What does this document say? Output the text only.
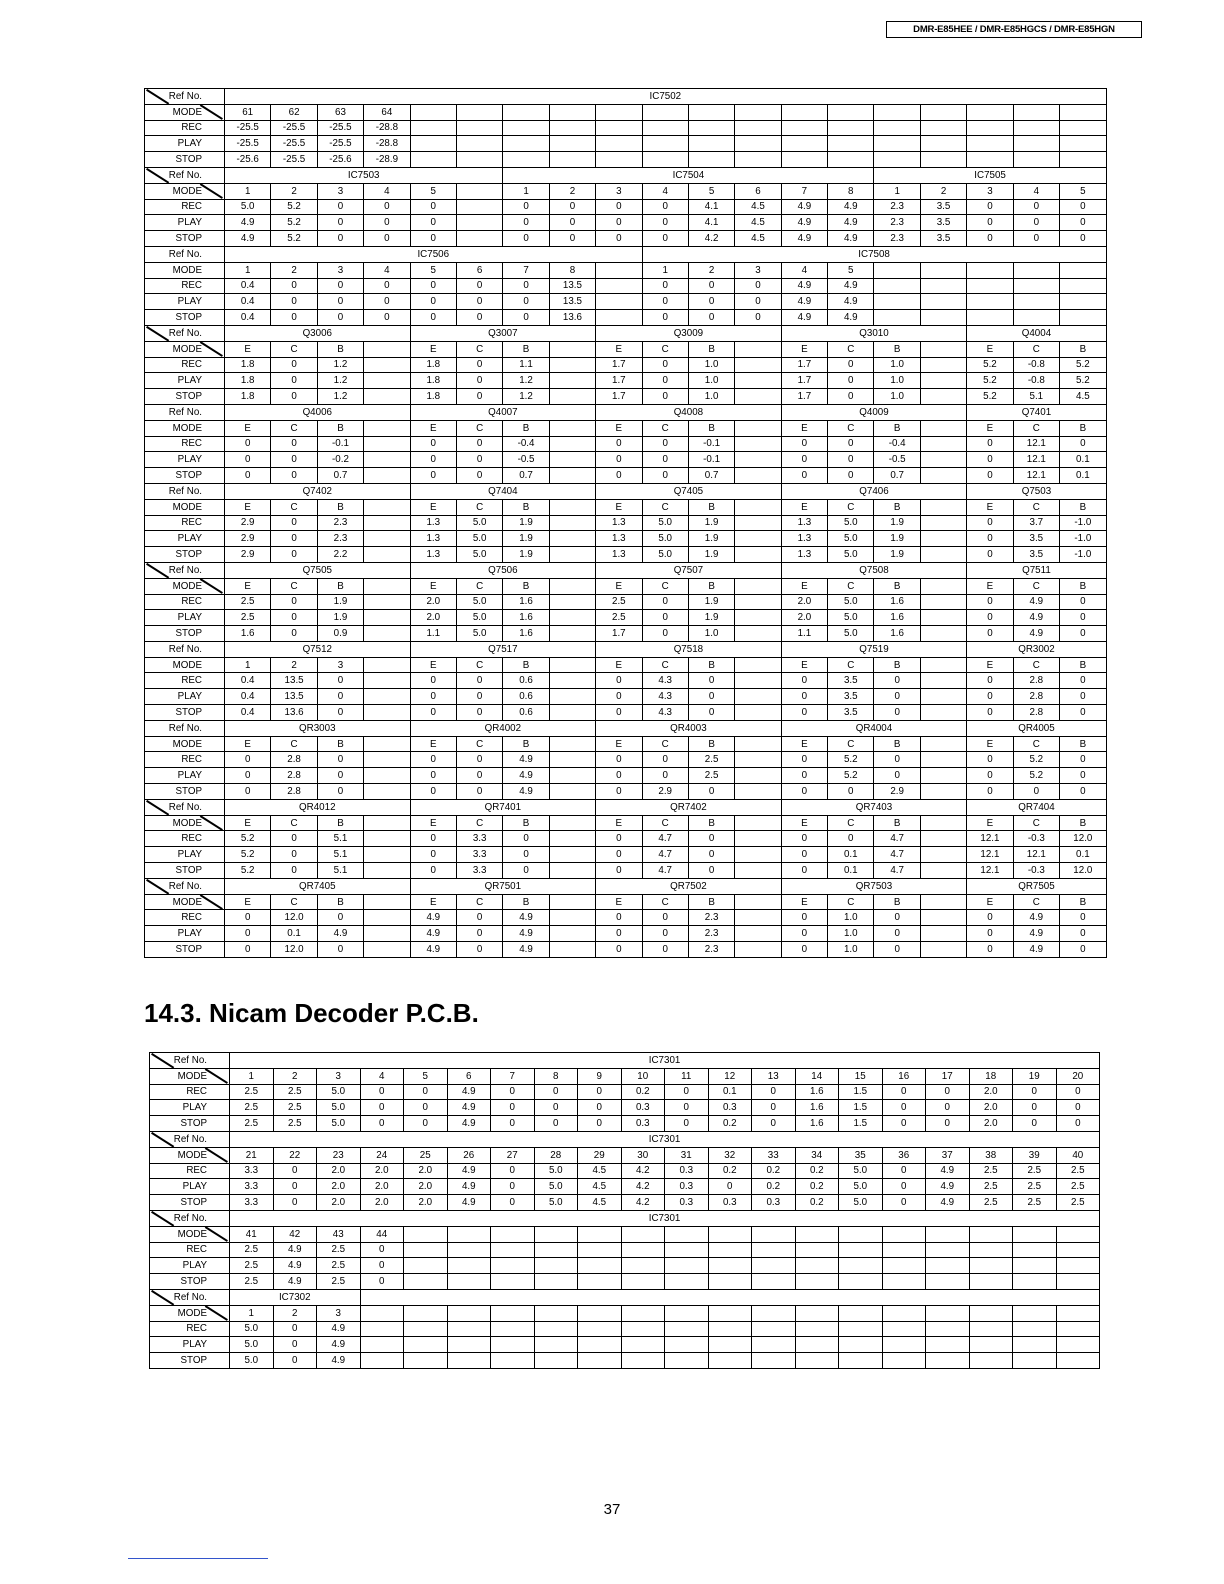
DMR-E85HEE / DMR-E85HGCS / DMR-E85HGN
Ref No.	IC7502																		
MODE	61	62	63	64															
REC	-25.5	-25.5	-25.5	-28.8															
PLAY	-25.5	-25.5	-25.5	-28.8															
STOP	-25.6	-25.5	-25.6	-28.9															
Ref No.	IC7503						IC7504								IC7505				
MODE	1	2	3	4	5		1	2	3	4	5	6	7	8	1	2	3	4	5
REC	5.0	5.2	0	0	0		0	0	0	0	4.1	4.5	4.9	4.9	2.3	3.5	0	0	0
PLAY	4.9	5.2	0	0	0		0	0	0	0	4.1	4.5	4.9	4.9	2.3	3.5	0	0	0
STOP	4.9	5.2	0	0	0		0	0	0	0	4.2	4.5	4.9	4.9	2.3	3.5	0	0	0
Ref No.	IC7506									IC7508									
MODE	1	2	3	4	5	6	7	8		1	2	3	4	5					
REC	0.4	0	0	0	0	0	0	13.5		0	0	0	4.9	4.9					
PLAY	0.4	0	0	0	0	0	0	13.5		0	0	0	4.9	4.9					
STOP	0.4	0	0	0	0	0	0	13.6		0	0	0	4.9	4.9					
Ref No.	Q3006				Q3007				Q3009				Q3010				Q4004		
MODE	E	C	B		E	C	B		E	C	B		E	C	B		E	C	B
REC	1.8	0	1.2		1.8	0	1.1		1.7	0	1.0		1.7	0	1.0		5.2	-0.8	5.2
PLAY	1.8	0	1.2		1.8	0	1.2		1.7	0	1.0		1.7	0	1.0		5.2	-0.8	5.2
STOP	1.8	0	1.2		1.8	0	1.2		1.7	0	1.0		1.7	0	1.0		5.2	5.1	4.5
Ref No.	Q4006				Q4007				Q4008				Q4009				Q7401		
MODE	E	C	B		E	C	B		E	C	B		E	C	B		E	C	B
REC	0	0	-0.1		0	0	-0.4		0	0	-0.1		0	0	-0.4		0	12.1	0
PLAY	0	0	-0.2		0	0	-0.5		0	0	-0.1		0	0	-0.5		0	12.1	0.1
STOP	0	0	0.7		0	0	0.7		0	0	0.7		0	0	0.7		0	12.1	0.1
Ref No.	Q7402				Q7404				Q7405				Q7406				Q7503		
MODE	E	C	B		E	C	B		E	C	B		E	C	B		E	C	B
REC	2.9	0	2.3		1.3	5.0	1.9		1.3	5.0	1.9		1.3	5.0	1.9		0	3.7	-1.0
PLAY	2.9	0	2.3		1.3	5.0	1.9		1.3	5.0	1.9		1.3	5.0	1.9		0	3.5	-1.0
STOP	2.9	0	2.2		1.3	5.0	1.9		1.3	5.0	1.9		1.3	5.0	1.9		0	3.5	-1.0
Ref No.	Q7505				Q7506				Q7507				Q7508				Q7511		
MODE	E	C	B		E	C	B		E	C	B		E	C	B		E	C	B
REC	2.5	0	1.9		2.0	5.0	1.6		2.5	0	1.9		2.0	5.0	1.6		0	4.9	0
PLAY	2.5	0	1.9		2.0	5.0	1.6		2.5	0	1.9		2.0	5.0	1.6		0	4.9	0
STOP	1.6	0	0.9		1.1	5.0	1.6		1.7	0	1.0		1.1	5.0	1.6		0	4.9	0
Ref No.	Q7512				Q7517				Q7518				Q7519				QR3002		
MODE	1	2	3		E	C	B		E	C	B		E	C	B		E	C	B
REC	0.4	13.5	0		0	0	0.6		0	4.3	0		0	3.5	0		0	2.8	0
PLAY	0.4	13.5	0		0	0	0.6		0	4.3	0		0	3.5	0		0	2.8	0
STOP	0.4	13.6	0		0	0	0.6		0	4.3	0		0	3.5	0		0	2.8	0
Ref No.	QR3003				QR4002				QR4003				QR4004				QR4005		
MODE	E	C	B		E	C	B		E	C	B		E	C	B		E	C	B
REC	0	2.8	0		0	0	4.9		0	0	2.5		0	5.2	0		0	5.2	0
PLAY	0	2.8	0		0	0	4.9		0	0	2.5		0	5.2	0		0	5.2	0
STOP	0	2.8	0		0	0	4.9		0	2.9	0		0	0	2.9		0	0	0
Ref No.	QR4012				QR7401				QR7402				QR7403				QR7404		
MODE	E	C	B		E	C	B		E	C	B		E	C	B		E	C	B
REC	5.2	0	5.1		0	3.3	0		0	4.7	0		0	0	4.7		12.1	-0.3	12.0
PLAY	5.2	0	5.1		0	3.3	0		0	4.7	0		0	0.1	4.7		12.1	12.1	0.1
STOP	5.2	0	5.1		0	3.3	0		0	4.7	0		0	0.1	4.7		12.1	-0.3	12.0
Ref No.	QR7405				QR7501				QR7502				QR7503				QR7505		
MODE	E	C	B		E	C	B		E	C	B		E	C	B		E	C	B
REC	0	12.0	0		4.9	0	4.9		0	0	2.3		0	1.0	0		0	4.9	0
PLAY	0	0.1	4.9		4.9	0	4.9		0	0	2.3		0	1.0	0		0	4.9	0
STOP	0	12.0	0		4.9	0	4.9		0	0	2.3		0	1.0	0		0	4.9	0
14.3. Nicam Decoder P.C.B.
Ref No.	IC7301																			
MODE	1	2	3	4	5	6	7	8	9	10	11	12	13	14	15	16	17	18	19	20
REC	2.5	2.5	5.0	0	0	4.9	0	0	0	0.2	0	0.1	0	1.6	1.5	0	0	2.0	0	0
PLAY	2.5	2.5	5.0	0	0	4.9	0	0	0	0.3	0	0.3	0	1.6	1.5	0	0	2.0	0	0
STOP	2.5	2.5	5.0	0	0	4.9	0	0	0	0.3	0	0.2	0	1.6	1.5	0	0	2.0	0	0
Ref No.	IC7301																			
MODE	21	22	23	24	25	26	27	28	29	30	31	32	33	34	35	36	37	38	39	40
REC	3.3	0	2.0	2.0	2.0	4.9	0	5.0	4.5	4.2	0.3	0.2	0.2	0.2	5.0	0	4.9	2.5	2.5	2.5
PLAY	3.3	0	2.0	2.0	2.0	4.9	0	5.0	4.5	4.2	0.3	0	0.2	0.2	5.0	0	4.9	2.5	2.5	2.5
STOP	3.3	0	2.0	2.0	2.0	4.9	0	5.0	4.5	4.2	0.3	0.3	0.3	0.2	5.0	0	4.9	2.5	2.5	2.5
Ref No.	IC7301																			
MODE	41	42	43	44																
REC	2.5	4.9	2.5	0																
PLAY	2.5	4.9	2.5	0																
STOP	2.5	4.9	2.5	0																
Ref No.	IC7302																			
MODE	1	2	3																	
REC	5.0	0	4.9																	
PLAY	5.0	0	4.9																	
STOP	5.0	0	4.9																	
37
